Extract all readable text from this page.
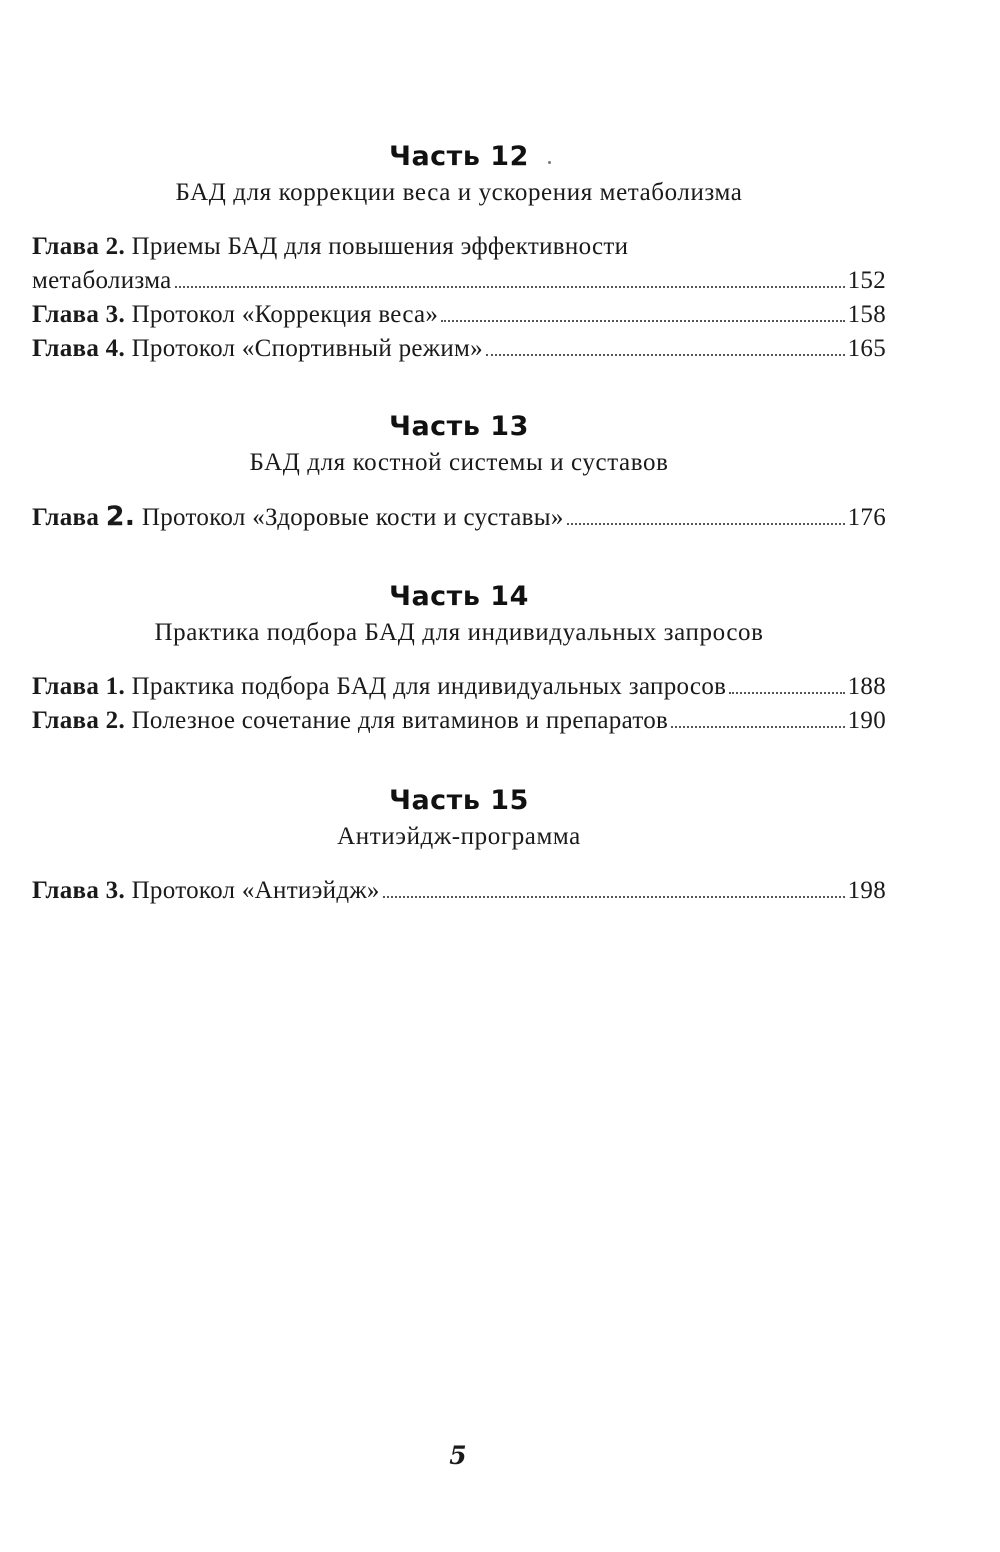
Часть 12

БАД для коррекции веса и ускорения метаболизма

Глава 2.
Приемы БАД для повышения эффективности
метаболизма	152
Глава 3.
Протокол «Коррекция веса»	158
Глава 4.
Протокол «Спортивный режим»	165
Часть 13

БАД для костной системы и суставов

Глава 2.
Протокол «Здоровые кости и суставы»	176
Часть 14

Практика подбора БАД для индивидуальных запросов

Глава 1.
Практика подбора БАД для индивидуальных запросов	188
Глава 2.
Полезное сочетание для витаминов и препаратов	190
Часть 15

Антиэйдж-программа

Глава 3.
Протокол «Антиэйдж»	198
5
